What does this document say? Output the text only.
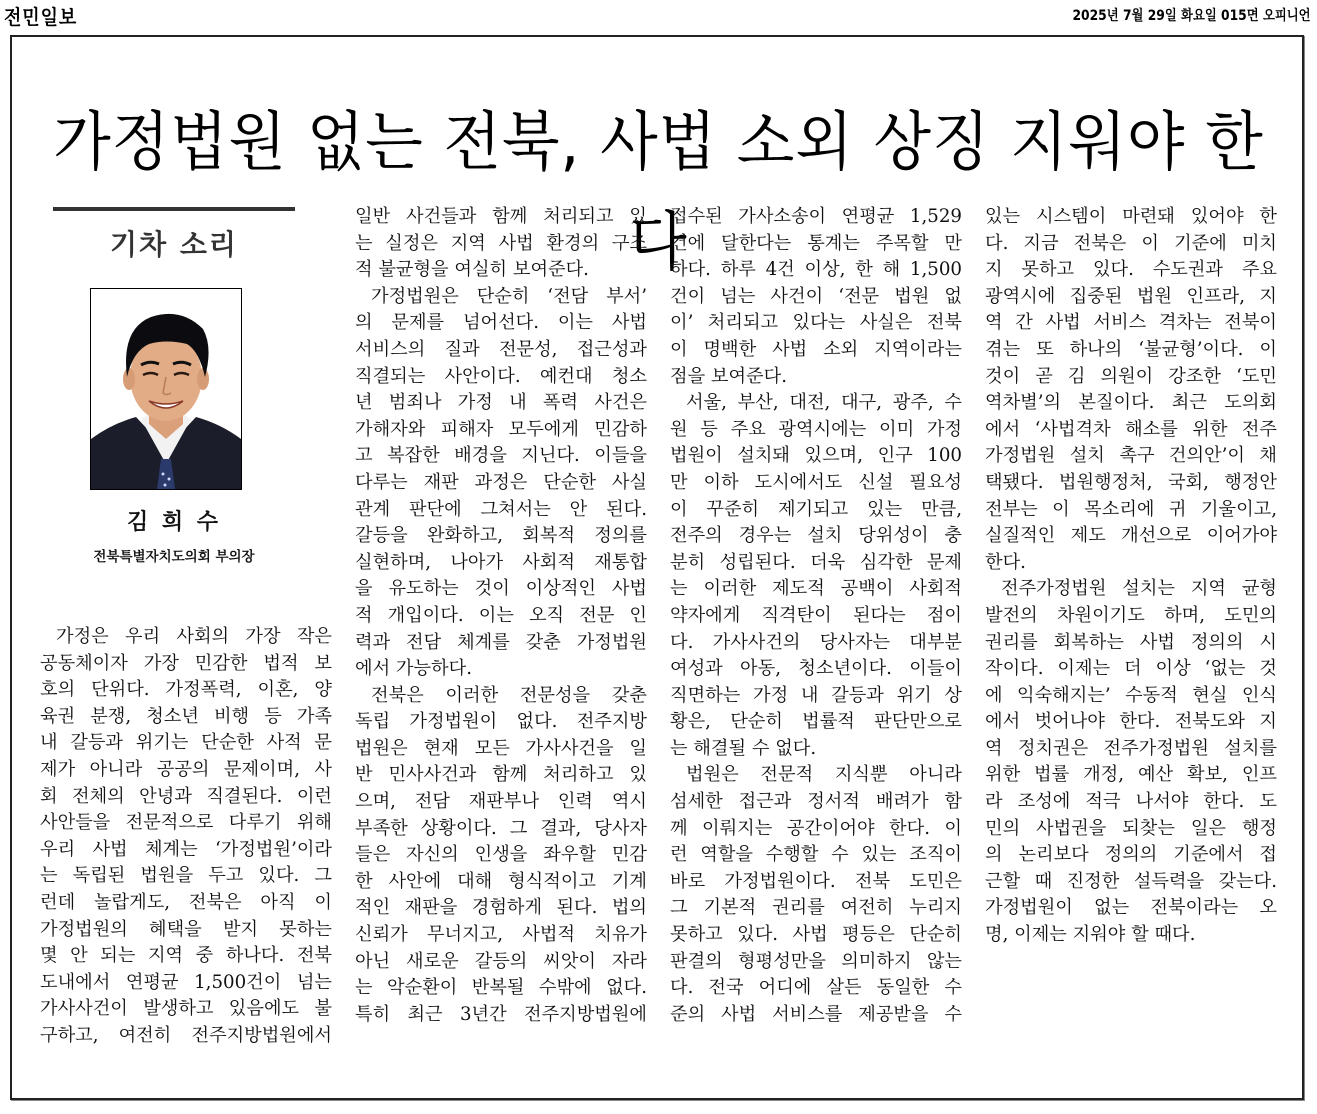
전민일보	2025년 7월 29일 화요일 015면 오피니언
가정법원 없는 전북, 사법 소외 상징 지워야 한다
기차 소리
김 희 수
전북특별자치도의회 부의장

가정은 우리 사회의 가장 작은

공동체이자 가장 민감한 법적 보

호의 단위다. 가정폭력, 이혼, 양

육권 분쟁, 청소년 비행 등 가족

내 갈등과 위기는 단순한 사적 문

제가 아니라 공공의 문제이며, 사

회 전체의 안녕과 직결된다. 이런

사안들을 전문적으로 다루기 위해

우리 사법 체계는 ‘가정법원’이라

는 독립된 법원을 두고 있다. 그

런데 놀랍게도, 전북은 아직 이

가정법원의 혜택을 받지 못하는

몇 안 되는 지역 중 하나다. 전북

도내에서 연평균 1,500건이 넘는

가사사건이 발생하고 있음에도 불

구하고, 여전히 전주지방법원에서

일반 사건들과 함께 처리되고 있

는 실정은 지역 사법 환경의 구조

적 불균형을 여실히 보여준다.

가정법원은 단순히 ‘전담 부서’

의 문제를 넘어선다. 이는 사법

서비스의 질과 전문성, 접근성과

직결되는 사안이다. 예컨대 청소

년 범죄나 가정 내 폭력 사건은

가해자와 피해자 모두에게 민감하

고 복잡한 배경을 지닌다. 이들을

다루는 재판 과정은 단순한 사실

관계 판단에 그쳐서는 안 된다.

갈등을 완화하고, 회복적 정의를

실현하며, 나아가 사회적 재통합

을 유도하는 것이 이상적인 사법

적 개입이다. 이는 오직 전문 인

력과 전담 체계를 갖춘 가정법원

에서 가능하다.

전북은 이러한 전문성을 갖춘

독립 가정법원이 없다. 전주지방

법원은 현재 모든 가사사건을 일

반 민사사건과 함께 처리하고 있

으며, 전담 재판부나 인력 역시

부족한 상황이다. 그 결과, 당사자

들은 자신의 인생을 좌우할 민감

한 사안에 대해 형식적이고 기계

적인 재판을 경험하게 된다. 법의

신뢰가 무너지고, 사법적 치유가

아닌 새로운 갈등의 씨앗이 자라

는 악순환이 반복될 수밖에 없다.

특히 최근 3년간 전주지방법원에

접수된 가사소송이 연평균 1,529

건에 달한다는 통계는 주목할 만

하다. 하루 4건 이상, 한 해 1,500

건이 넘는 사건이 ‘전문 법원 없

이’ 처리되고 있다는 사실은 전북

이 명백한 사법 소외 지역이라는

점을 보여준다.

서울, 부산, 대전, 대구, 광주, 수

원 등 주요 광역시에는 이미 가정

법원이 설치돼 있으며, 인구 100

만 이하 도시에서도 신설 필요성

이 꾸준히 제기되고 있는 만큼,

전주의 경우는 설치 당위성이 충

분히 성립된다. 더욱 심각한 문제

는 이러한 제도적 공백이 사회적

약자에게 직격탄이 된다는 점이

다. 가사사건의 당사자는 대부분

여성과 아동, 청소년이다. 이들이

직면하는 가정 내 갈등과 위기 상

황은, 단순히 법률적 판단만으로

는 해결될 수 없다.

법원은 전문적 지식뿐 아니라

섬세한 접근과 정서적 배려가 함

께 이뤄지는 공간이어야 한다. 이

런 역할을 수행할 수 있는 조직이

바로 가정법원이다. 전북 도민은

그 기본적 권리를 여전히 누리지

못하고 있다. 사법 평등은 단순히

판결의 형평성만을 의미하지 않는

다. 전국 어디에 살든 동일한 수

준의 사법 서비스를 제공받을 수

있는 시스템이 마련돼 있어야 한

다. 지금 전북은 이 기준에 미치

지 못하고 있다. 수도권과 주요

광역시에 집중된 법원 인프라, 지

역 간 사법 서비스 격차는 전북이

겪는 또 하나의 ‘불균형’이다. 이

것이 곧 김 의원이 강조한 ‘도민

역차별’의 본질이다. 최근 도의회

에서 ‘사법격차 해소를 위한 전주

가정법원 설치 촉구 건의안’이 채

택됐다. 법원행정처, 국회, 행정안

전부는 이 목소리에 귀 기울이고,

실질적인 제도 개선으로 이어가야

한다.

전주가정법원 설치는 지역 균형

발전의 차원이기도 하며, 도민의

권리를 회복하는 사법 정의의 시

작이다. 이제는 더 이상 ‘없는 것

에 익숙해지는’ 수동적 현실 인식

에서 벗어나야 한다. 전북도와 지

역 정치권은 전주가정법원 설치를

위한 법률 개정, 예산 확보, 인프

라 조성에 적극 나서야 한다. 도

민의 사법권을 되찾는 일은 행정

의 논리보다 정의의 기준에서 접

근할 때 진정한 설득력을 갖는다.

가정법원이 없는 전북이라는 오

명, 이제는 지워야 할 때다.
